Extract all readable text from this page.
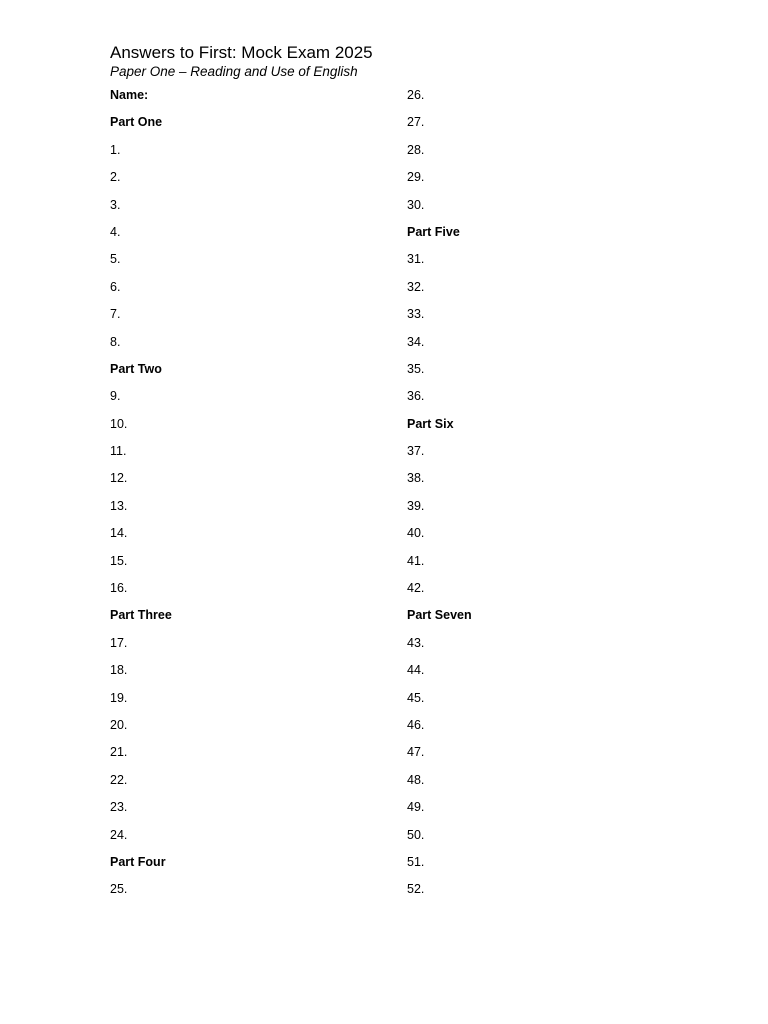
Answers to First: Mock Exam 2025
Paper One – Reading and Use of English
Name:
Part One
1.
2.
3.
4.
5.
6.
7.
8.
Part Two
9.
10.
11.
12.
13.
14.
15.
16.
Part Three
17.
18.
19.
20.
21.
22.
23.
24.
Part Four
25.
26.
27.
28.
29.
30.
Part Five
31.
32.
33.
34.
35.
36.
Part Six
37.
38.
39.
40.
41.
42.
Part Seven
43.
44.
45.
46.
47.
48.
49.
50.
51.
52.
